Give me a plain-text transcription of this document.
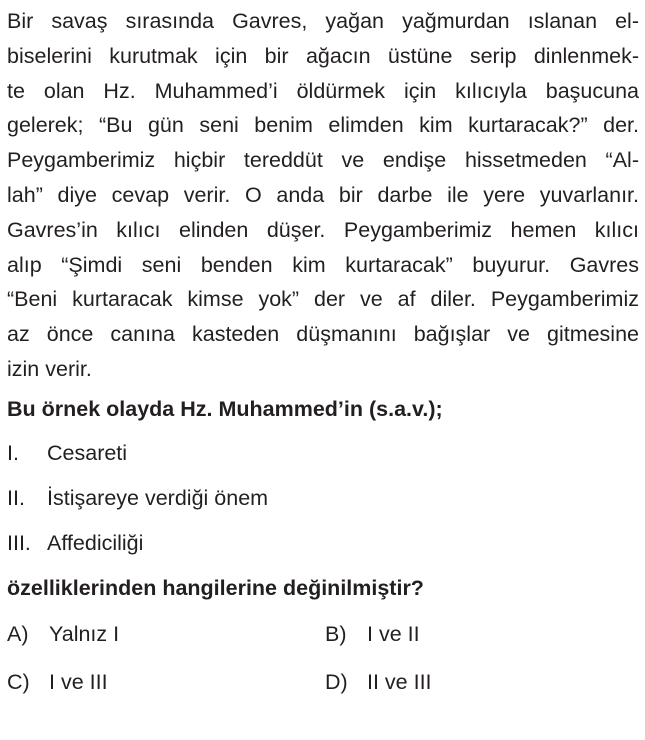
Bir savaş sırasında Gavres, yağan yağmurdan ıslanan el-
biselerini kurutmak için bir ağacın üstüne serip dinlenmek-
te olan Hz. Muhammed’i öldürmek için kılıcıyla başucuna
gelerek; “Bu gün seni benim elimden kim kurtaracak?” der.
Peygamberimiz hiçbir tereddüt ve endişe hissetmeden “Al-
lah” diye cevap verir. O anda bir darbe ile yere yuvarlanır.
Gavres’in kılıcı elinden düşer. Peygamberimiz hemen kılıcı
alıp “Şimdi seni benden kim kurtaracak” buyurur. Gavres
“Beni kurtaracak kimse yok” der ve af diler. Peygamberimiz
az önce canına kasteden düşmanını bağışlar ve gitmesine
izin verir.
Bu örnek olayda Hz. Muhammed’in (s.a.v.);
I.	Cesareti
II.	İstişareye verdiği önem
III. Affediciliği
özelliklerinden hangilerine değinilmiştir?
A) Yalnız I	B) I ve II
C) I ve III	D) II ve III
